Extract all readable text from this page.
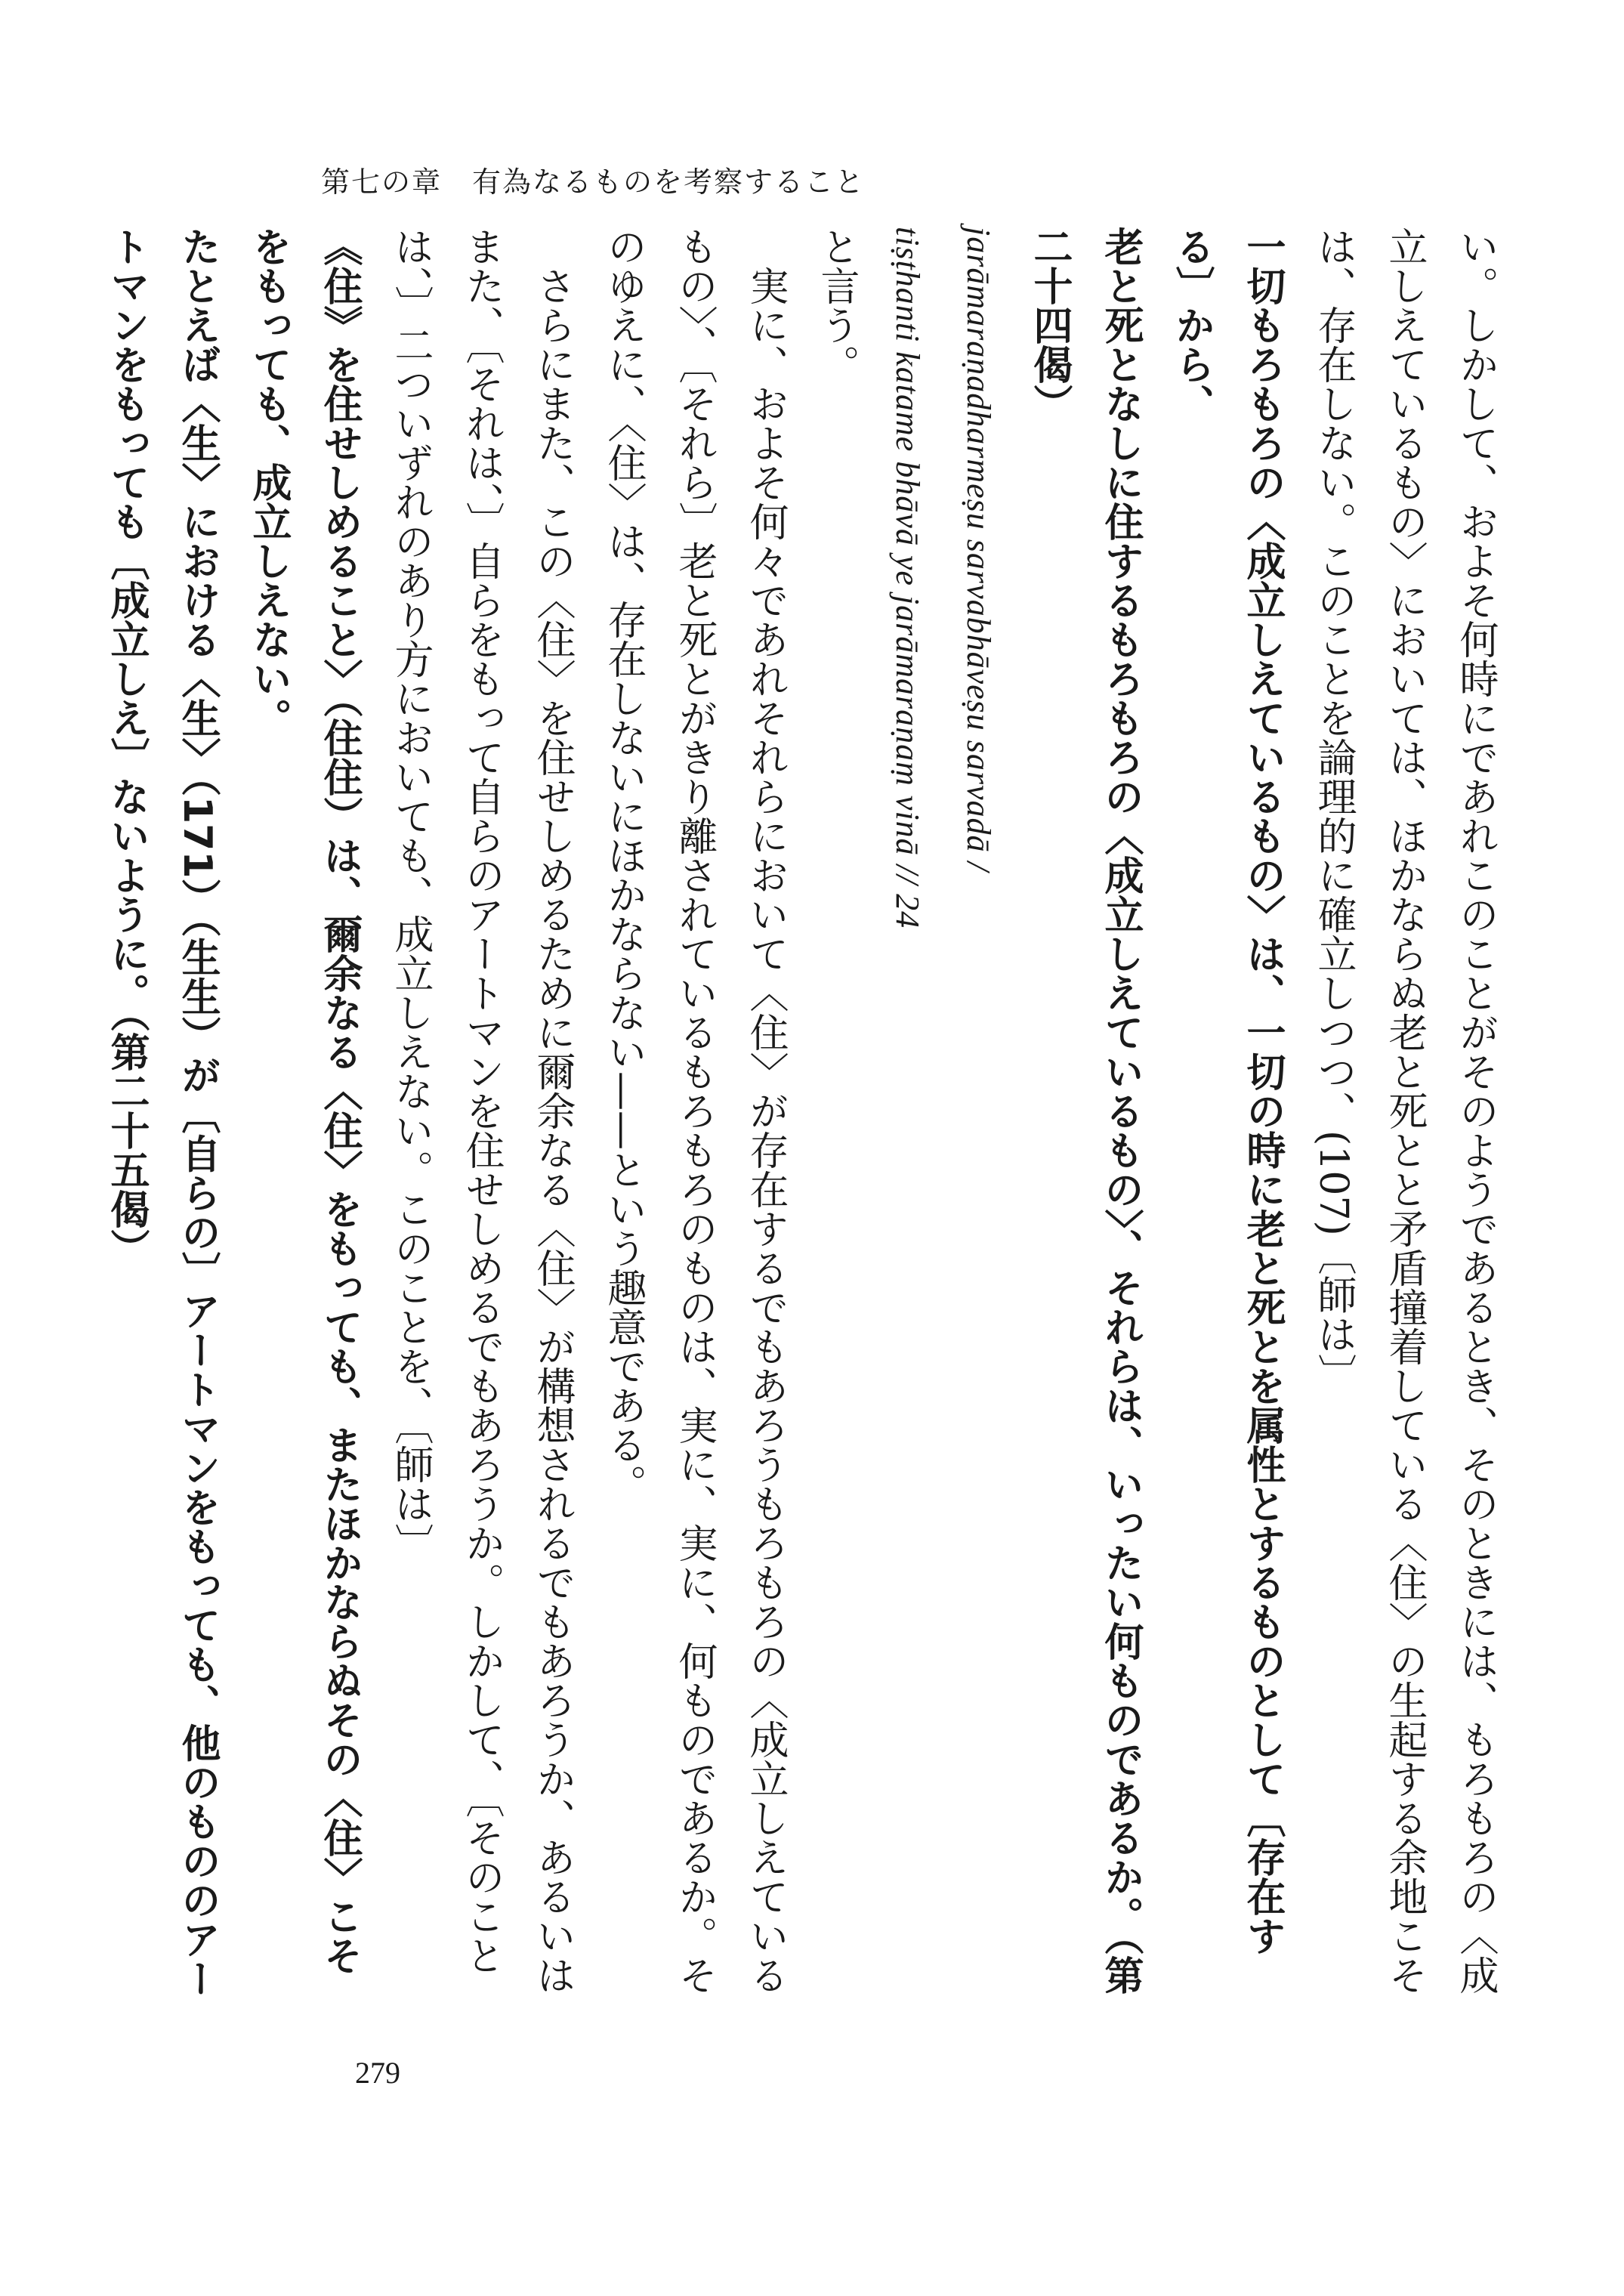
第七の章　有為なるものを考察すること

い。しかして、およそ何時にであれこのことがそのようであるとき、そのときには、もろもろの〈成立しえているもの〉においては、ほかならぬ老と死とと矛盾撞着している〈住〉の生起する余地こそは、存在しない。このことを論理的に確立しつつ、(107)〔師は〕

一切もろもろの〈成立しえているもの〉は、一切の時に老と死とを属性とするものとして〔存在する〕から、

老と死となしに住するもろもろの〈成立しえているもの〉、それらは、いったい何ものであるか。（第二十四偈）

jarāmaraṇadharmeṣu sarvabhāveṣu sarvadā /

tiṣṭhanti katame bhāvā ye jarāmaraṇaṃ vinā // 24

と言う。

実に、およそ何々であれそれらにおいて〈住〉が存在するでもあろうもろもろの〈成立しえているもの〉、〔それら〕老と死とがきり離されているもろもろのものは、実に、実に、何ものであるか。そのゆえに、〈住〉は、存在しないにほかならない——という趣意である。

さらにまた、この〈住〉を住せしめるために爾余なる〈住〉が構想されるでもあろうか、あるいはまた、〔それは、〕自らをもって自らのアートマンを住せしめるでもあろうか。しかして、〔そのことは、〕二ついずれのあり方においても、成立しえない。このことを、〔師は〕

《住》を住せしめること〉（住住）は、爾余なる〈住〉をもっても、またほかならぬその〈住〉こそをもっても、成立しえない。

たとえば〈生〉における〈生〉（171）（生生）が〔自らの〕アートマンをもっても、他のもののアートマンをもっても〔成立しえ〕ないように。（第二十五偈）

279
